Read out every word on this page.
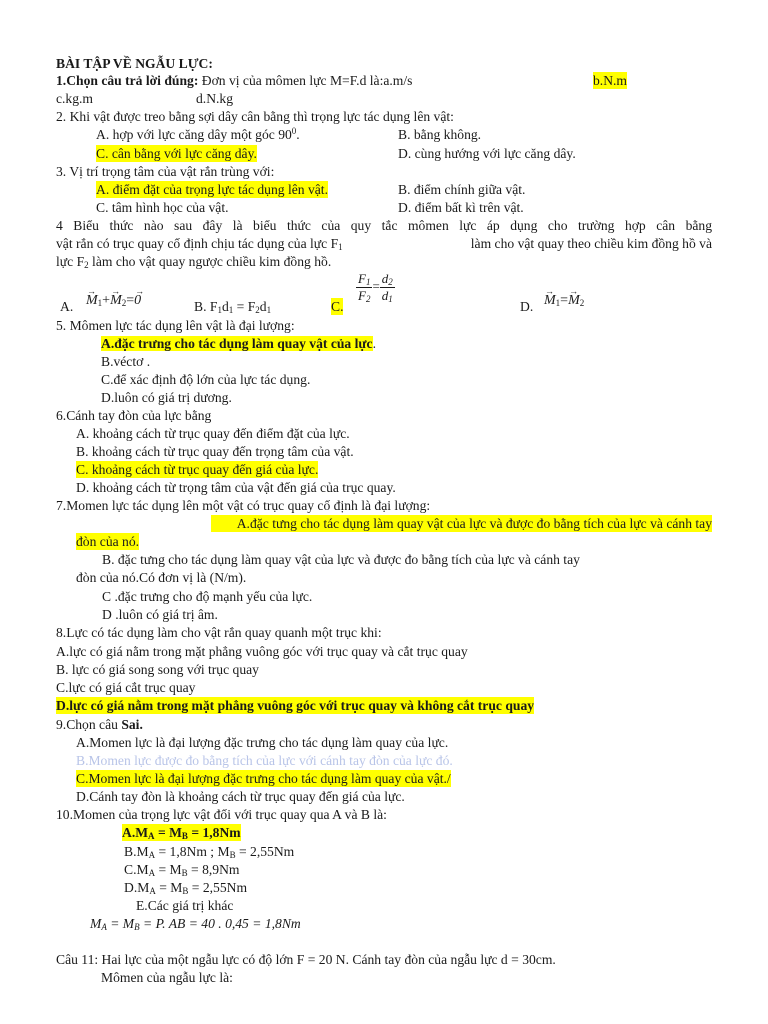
BÀI TẬP VỀ NGẪU LỰC:
1.Chọn câu trả lời đúng: Đơn vị của mômen lực M=F.d là:a.m/s	b.N.m
c.kg.m	d.N.kg
2. Khi vật được treo bằng sợi dây cân bằng thì trọng lực tác dụng lên vật:
A. hợp với lực căng dây một góc $90^0$.	B. bằng không.
C. cân bằng với lực căng dây.	D. cùng hướng với lực căng dây.
3. Vị trí trọng tâm của vật rắn trùng với:
A. điểm đặt của trọng lực tác dụng lên vật.	B. điểm chính giữa vật.
C. tâm hình học của vật.	D. điểm bất kì trên vật.
4 Biểu thức nào sau đây là biểu thức của quy tắc mômen lực áp dụng cho trường hợp cân bằng
vật rắn có trục quay cố định chịu tác dụng của lực $F_1$	làm cho vật quay theo chiều kim đồng hồ và
lực $F_2$ làm cho vật quay ngược chiều kim đồng hồ.
A. → $M_1+\to M_2=\to 0$	B. $F_1d_1 = F_2d_1$	C.
$\frac{F_1}{F_2} = \frac{d_2}{d_1}$
D. → $M_1=\to M_2$
5. Mômen lực tác dụng lên vật là đại lượng:
A.đặc trưng cho tác dụng làm quay vật của lực.
B.véctơ .
C.để xác định độ lớn của lực tác dụng.
D.luôn có giá trị dương.
6.Cánh tay đòn của lực bằng
A. khoảng cách từ trục quay đến điểm đặt của lực.
B. khoảng cách từ trục quay đến trọng tâm của vật.
C. khoảng cách từ trục quay đến giá của lực.
D. khoảng cách từ trọng tâm của vật đến giá của trục quay.
7.Momen lực tác dụng lên một vật có trục quay cố định là đại lượng:
A.đặc tưng cho tác dụng làm quay vật của lực và được đo bằng tích của lực và cánh tay
đòn của nó.
B. đặc tưng cho tác dụng làm quay vật của lực và được đo bằng tích của lực và cánh tay
đòn của nó.Có đơn vị là (N/m).
C .đặc trưng cho độ mạnh yếu của lực.
D .luôn có giá trị âm.
8.Lực có tác dụng làm cho vật rắn quay quanh một trục khi:
A.lực có giá nằm trong mặt phẳng vuông góc với trục quay và cắt trục quay
B. lực có giá song song với trục quay
C.lực có giá cắt trục quay
D.lực có giá nằm trong mặt phẳng vuông góc với trục quay và không cắt trục quay
9.Chọn câu Sai.
A.Momen lực là đại lượng đặc trưng cho tác dụng làm quay của lực.
B.Momen lực được đo bằng tích của lực với cánh tay đòn của lực đó.
C.Momen lực là đại lượng đặc trưng cho tác dụng làm quay của vật./
D.Cánh tay đòn là khoảng cách từ trục quay đến giá của lực.
10.Momen của trọng lực vật đối với trục quay qua A và B là:
$A.M_A = M_B = 1,8Nm$
$B.M_A = 1,8Nm$ ; $M_B = 2,55Nm$
$C.M_A = M_B = 8,9Nm$
$D.M_A = M_B = 2,55Nm$
E.Các giá trị khác
$M_A = M_B = P$. AB = 40 . 0,45 = 1,8Nm
Câu 11: Hai lực của một ngẫu lực có độ lớn F = 20 N. Cánh tay đòn của ngẫu lực d = 30cm.
Mômen của ngẫu lực là:
